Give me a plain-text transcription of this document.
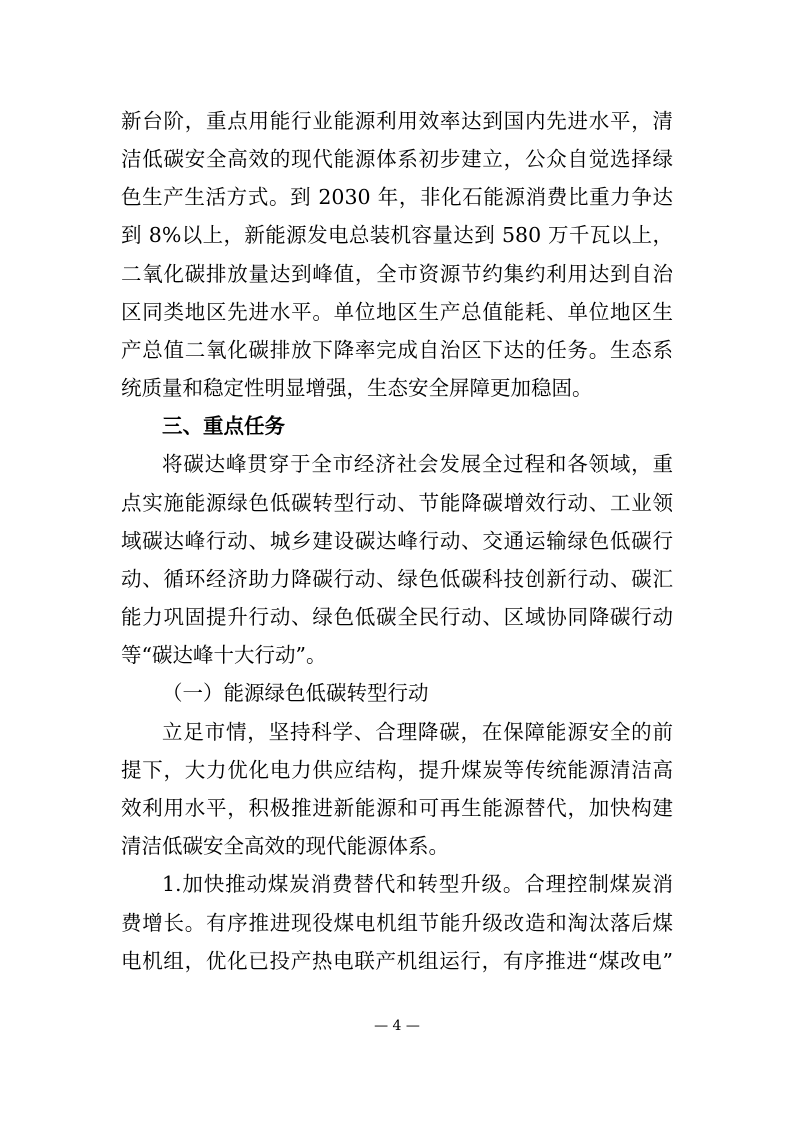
新台阶，重点用能行业能源利用效率达到国内先进水平，清
洁低碳安全高效的现代能源体系初步建立，公众自觉选择绿
色生产生活方式。到 2030 年，非化石能源消费比重力争达
到 8%以上，新能源发电总装机容量达到 580 万千瓦以上，
二氧化碳排放量达到峰值，全市资源节约集约利用达到自治
区同类地区先进水平。单位地区生产总值能耗、单位地区生
产总值二氧化碳排放下降率完成自治区下达的任务。生态系
统质量和稳定性明显增强，生态安全屏障更加稳固。
三、重点任务
将碳达峰贯穿于全市经济社会发展全过程和各领域，重
点实施能源绿色低碳转型行动、节能降碳增效行动、工业领
域碳达峰行动、城乡建设碳达峰行动、交通运输绿色低碳行
动、循环经济助力降碳行动、绿色低碳科技创新行动、碳汇
能力巩固提升行动、绿色低碳全民行动、区域协同降碳行动
等“碳达峰十大行动”。
（一）能源绿色低碳转型行动
立足市情，坚持科学、合理降碳，在保障能源安全的前
提下，大力优化电力供应结构，提升煤炭等传统能源清洁高
效利用水平，积极推进新能源和可再生能源替代，加快构建
清洁低碳安全高效的现代能源体系。
1.加快推动煤炭消费替代和转型升级。合理控制煤炭消
费增长。有序推进现役煤电机组节能升级改造和淘汰落后煤
电机组，优化已投产热电联产机组运行，有序推进“煤改电”
— 4 —
